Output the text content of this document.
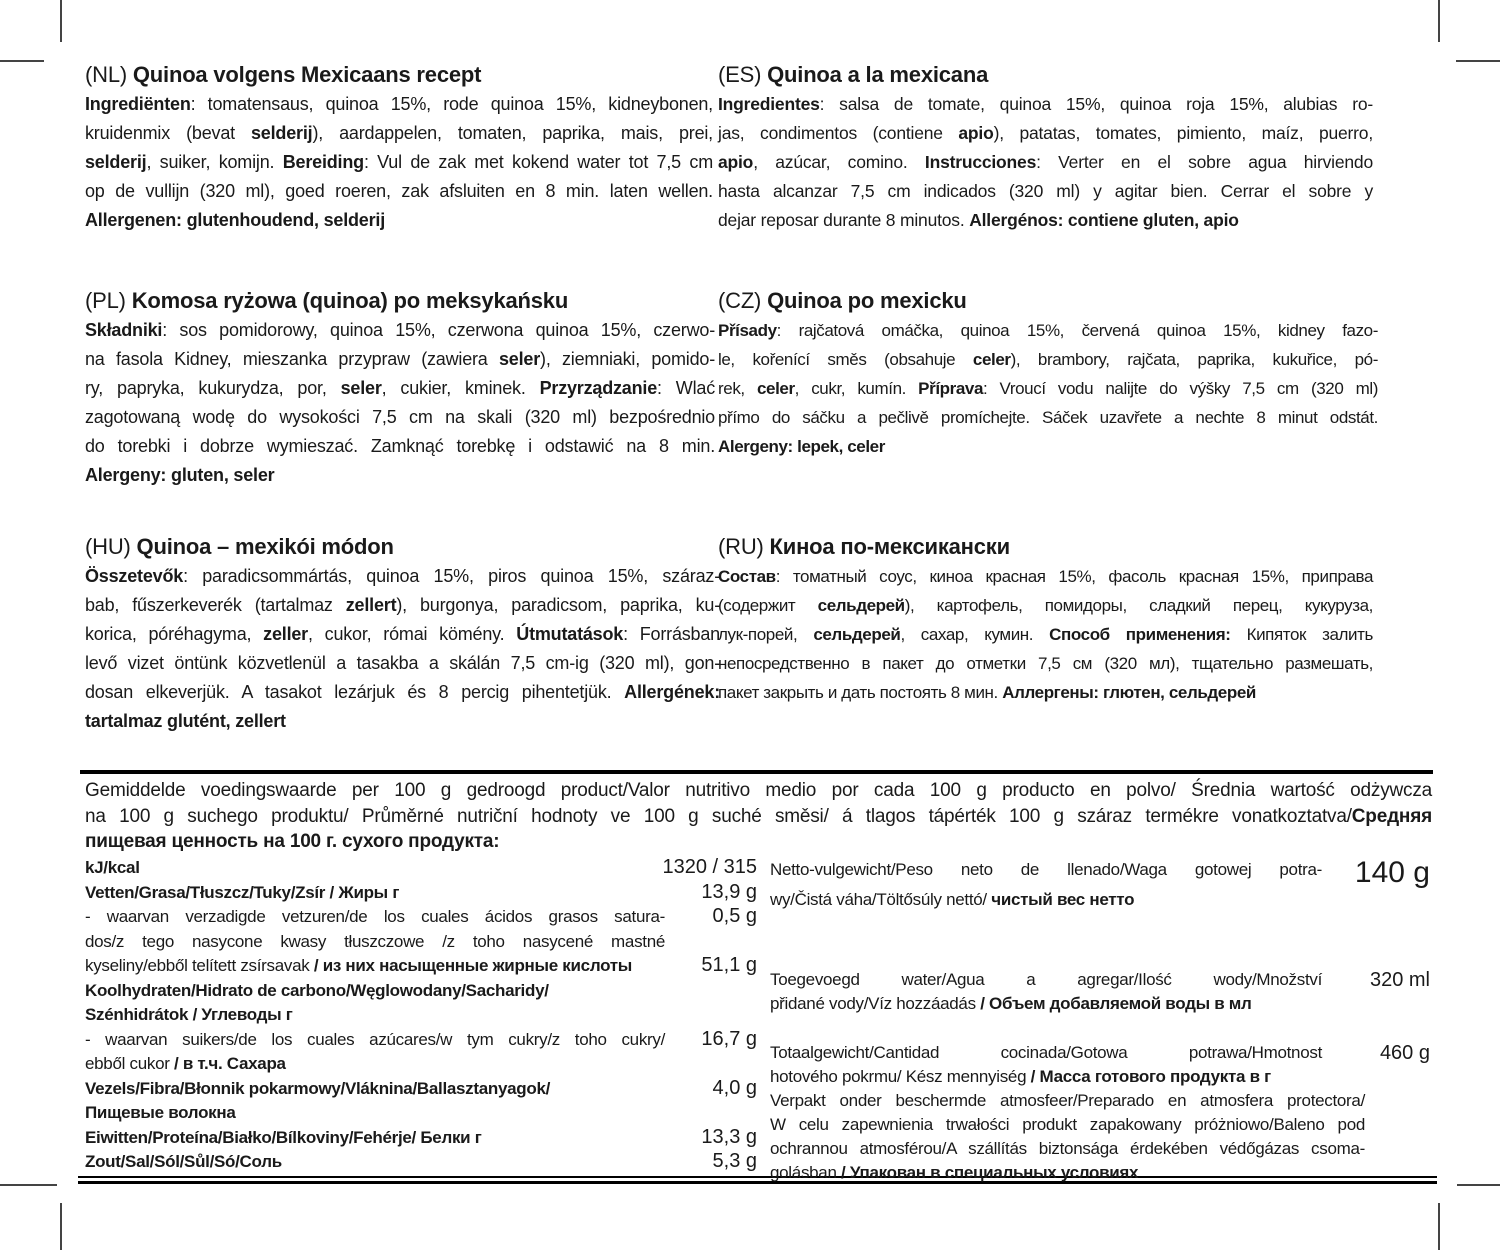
(NL) Quinoa volgens Mexicaans recept
Ingrediënten: tomatensaus, quinoa 15%, rode quinoa 15%, kidneybonen,
kruidenmix (bevat selderij), aardappelen, tomaten, paprika, mais, prei,
selderij, suiker, komijn. Bereiding: Vul de zak met kokend water tot 7,5 cm
op de vullijn (320 ml), goed roeren, zak afsluiten en 8 min. laten wellen.
Allergenen: glutenhoudend, selderij
(ES) Quinoa a la mexicana
Ingredientes: salsa de tomate, quinoa 15%, quinoa roja 15%, alubias ro-
jas, condimentos (contiene apio), patatas, tomates, pimiento, maíz, puerro,
apio, azúcar, comino. Instrucciones: Verter en el sobre agua hirviendo
hasta alcanzar 7,5 cm indicados (320 ml) y agitar bien. Cerrar el sobre y
dejar reposar durante 8 minutos. Allergénos: contiene gluten, apio
(PL) Komosa ryżowa (quinoa) po meksykańsku
Składniki: sos pomidorowy, quinoa 15%, czerwona quinoa 15%, czerwo-
na fasola Kidney, mieszanka przypraw (zawiera seler), ziemniaki, pomido-
ry, papryka, kukurydza, por, seler, cukier, kminek. Przyrządzanie: Wlać
zagotowaną wodę do wysokości 7,5 cm na skali (320 ml) bezpośrednio
do torebki i dobrze wymieszać. Zamknąć torebkę i odstawić na 8 min.
Alergeny: gluten, seler
(CZ) Quinoa po mexicku
Přísady: rajčatová omáčka, quinoa 15%, červená quinoa 15%, kidney fazo-
le, kořenící směs (obsahuje celer), brambory, rajčata, paprika, kukuřice, pó-
rek, celer, cukr, kumín. Příprava: Vroucí vodu nalijte do výšky 7,5 cm (320 ml)
přímo do sáčku a pečlivě promíchejte. Sáček uzavřete a nechte 8 minut odstát.
Alergeny: lepek, celer
(HU) Quinoa – mexikói módon
Összetevők: paradicsommártás, quinoa 15%, piros quinoa 15%, száraz-
bab, fűszerkeverék (tartalmaz zellert), burgonya, paradicsom, paprika, ku-
korica, póréhagyma, zeller, cukor, római kömény. Útmutatások: Forrásban
levő vizet öntünk közvetlenül a tasakba a skálán 7,5 cm-ig (320 ml), gon-
dosan elkeverjük. A tasakot lezárjuk és 8 percig pihentetjük. Allergének:
tartalmaz glutént, zellert
(RU) Киноа по-мексикански
Состав: томатный соус, киноа красная 15%, фасоль красная 15%, приправа
(содержит сельдерей), картофель, помидоры, сладкий перец, кукуруза,
лук-порей, сельдерей, сахар, кумин. Способ применения: Кипяток залить
непосредственно в пакет до отметки 7,5 см (320 мл), тщательно размешать,
пакет закрыть и дать постоять 8 мин. Аллергены: глютен, сельдерей
Gemiddelde voedingswaarde per 100 g gedroogd product/Valor nutritivo medio por cada 100 g producto en polvo/ Średnia wartość odżywcza
na 100 g suchego produktu/ Průměrné nutriční hodnoty ve 100 g suché směsi/ á tlagos tápérték 100 g száraz termékre vonatkoztatva/Средняя
пищевая ценность на 100 г. сухого продукта:
kJ/kcal	1320 / 315
Vetten/Grasa/Tłuszcz/Tuky/Zsír / Жиры г	13,9 g
- waarvan verzadigde vetzuren/de los cuales ácidos grasos satura-	0,5 g
dos/z tego nasycone kwasy tłuszczowe /z toho nasycené mastné
kyseliny/ebből telített zsírsavak / из них насыщенные жирные кислоты	51,1 g
Koolhydraten/Hidrato de carbono/Węglowodany/Sacharidy/
Szénhidrátok / Углеводы г
- waarvan suikers/de los cuales azúcares/w tym cukry/z toho cukry/	16,7 g
ebből cukor / в т.ч. Сахара
Vezels/Fibra/Błonnik pokarmowy/Vláknina/Ballasztanyagok/	4,0 g
Пищевые волокна
Eiwitten/Proteína/Białko/Bílkoviny/Fehérje/ Белки г	13,3 g
Zout/Sal/Sól/Sůl/Só/Соль	5,3 g
Netto-vulgewicht/Peso neto de llenado/Waga gotowej potra-	140 g
wy/Čistá váha/Töltősúly nettó/ чистый вес нетто
Toegevoegd water/Agua a agregar/Ilość wody/Množství	320 ml
přidané vody/Víz hozzáadás / Объем добавляемой воды в мл
Totaalgewicht/Cantidad cocinada/Gotowa potrawa/Hmotnost	460 g
hotového pokrmu/ Kész mennyiség / Масса готового продукта в г
Verpakt onder beschermde atmosfeer/Preparado en atmosfera protectora/
W celu zapewnienia trwałości produkt zapakowany próżniowo/Baleno pod
ochrannou atmosférou/A szállítás biztonsága érdekében védőgázas csoma-
golásban / Упакован в специальных условиях
